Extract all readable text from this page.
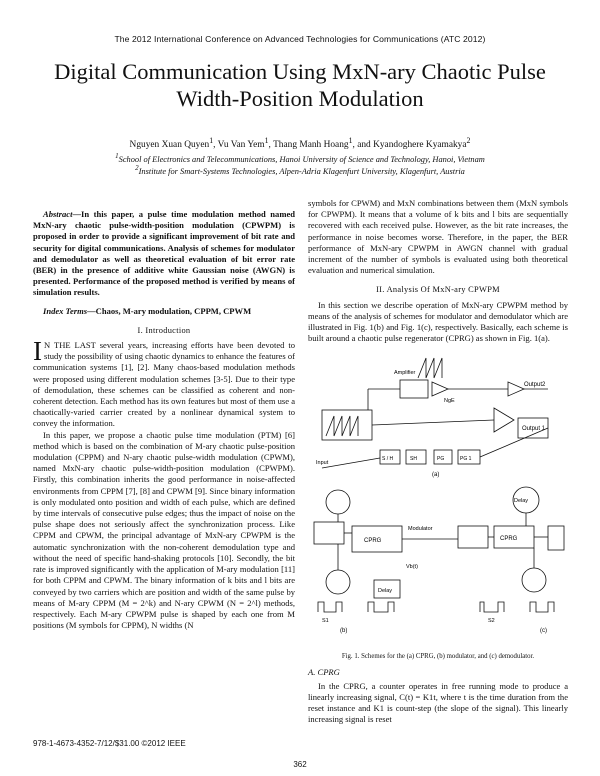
The 2012 International Conference on Advanced Technologies for Communications (ATC 2012)
Digital Communication Using MxN-ary Chaotic Pulse Width-Position Modulation
Nguyen Xuan Quyen$^1$, Vu Van Yem$^1$, Thang Manh Hoang$^1$, and Kyandoghere Kyamakya$^2$
$^1$School of Electronics and Telecommunications, Hanoi University of Science and Technology, Hanoi, Vietnam
$^2$Institute for Smart-Systems Technologies, Alpen-Adria Klagenfurt University, Klagenfurt, Austria

Abstract—In this paper, a pulse time modulation method named MxN-ary chaotic pulse-width-position modulation (CPWPM) is proposed in order to provide a significant improvement of bit rate and security for digital communications. Analysis of schemes for modulator and demodulator as well as theoretical evaluation of bit error rate (BER) in the presence of additive white Gaussian noise (AWGN) is presented. Performance of the proposed method is verified by means of simulation results.

Index Terms—Chaos, M-ary modulation, CPPM, CPWM

I. Introduction

I N THE LAST several years, increasing efforts have been devoted to study the possibility of using chaotic dynamics to enhance the features of communication systems [1], [2]. Many chaos-based modulation methods were proposed using different modulation schemes [3-5]. Due to their type of demodulation, these schemes can be classified as coherent and non-coherent detection. Each method has its own features but most of them use a chaotically-varied carrier created by a nonlinear dynamical system to convey the information.

In this paper, we propose a chaotic pulse time modulation (PTM) [6] method which is based on the combination of M-ary chaotic pulse-position modulation (CPPM) and N-ary chaotic pulse-width modulation (CPWM), named MxN-ary chaotic pulse-width-position modulation (CPWPM). Firstly, this combination inherits the good performance in noise-affected environments from CPPM [7], [8] and CPWM [9]. Since binary information is only modulated onto position and width of each pulse, which are defined by time intervals of consecutive pulse edges; thus the impact of noise on the pulse shape does not seriously affect the synchronization process. Like CPPM and CPWM, the principal advantage of MxN-ary CPWPM is the automatic synchronization with the non-coherent demodulation type and without the need of specific hand-shaking protocols [10]. Secondly, the bit rate is improved significantly with the application of M-ary modulation [11] for both CPPM and CPWM. The binary information of k bits and l bits are conveyed by two carriers which are position and width of the same pulse by means of M-ary CPPM (M = 2^k) and N-ary CPWM (N = 2^l) methods, respectively. Each M-ary CPWPM pulse is shaped by each one from M positions (M symbols for CPPM), N widths (N

symbols for CPWM) and MxN combinations between them (MxN symbols for CPWPM). It means that a volume of k bits and l bits are sequentially recovered with each received pulse. However, as the bit rate increases, the performance in noise becomes worse. Therefore, in the paper, the BER performance of MxN-ary CPWPM in AWGN channel with gradual increment of the number of symbols is evaluated using both theoretical evaluation and numerical simulation.

II. Analysis Of MxN-ary CPWPM

In this section we describe operation of MxN-ary CPWPM method by means of the analysis of schemes for modulator and demodulator which are illustrated in Fig. 1(b) and Fig. 1(c), respectively. Basically, each scheme is built around a chaotic pulse regenerator (CPRG) as shown in Fig. 1(a).

Amplifier
NgE
Output2
Output 1
Input
S / H	SH	PG	PG 1
(a)
CPRG	CPRG
Delay
Delay
Modulator
Vb(t)
S1	S2
(b)	(c)

Fig. 1. Schemes for the (a) CPRG, (b) modulator, and (c) demodulator.

A. CPRG

In the CPRG, a counter operates in free running mode to produce a linearly increasing signal, C(t) = K1t, where t is the time duration from the reset instance and K1 is count-step (the slope of the signal). This linearly increasing signal is reset

978-1-4673-4352-7/12/$31.00 ©2012 IEEE
362
